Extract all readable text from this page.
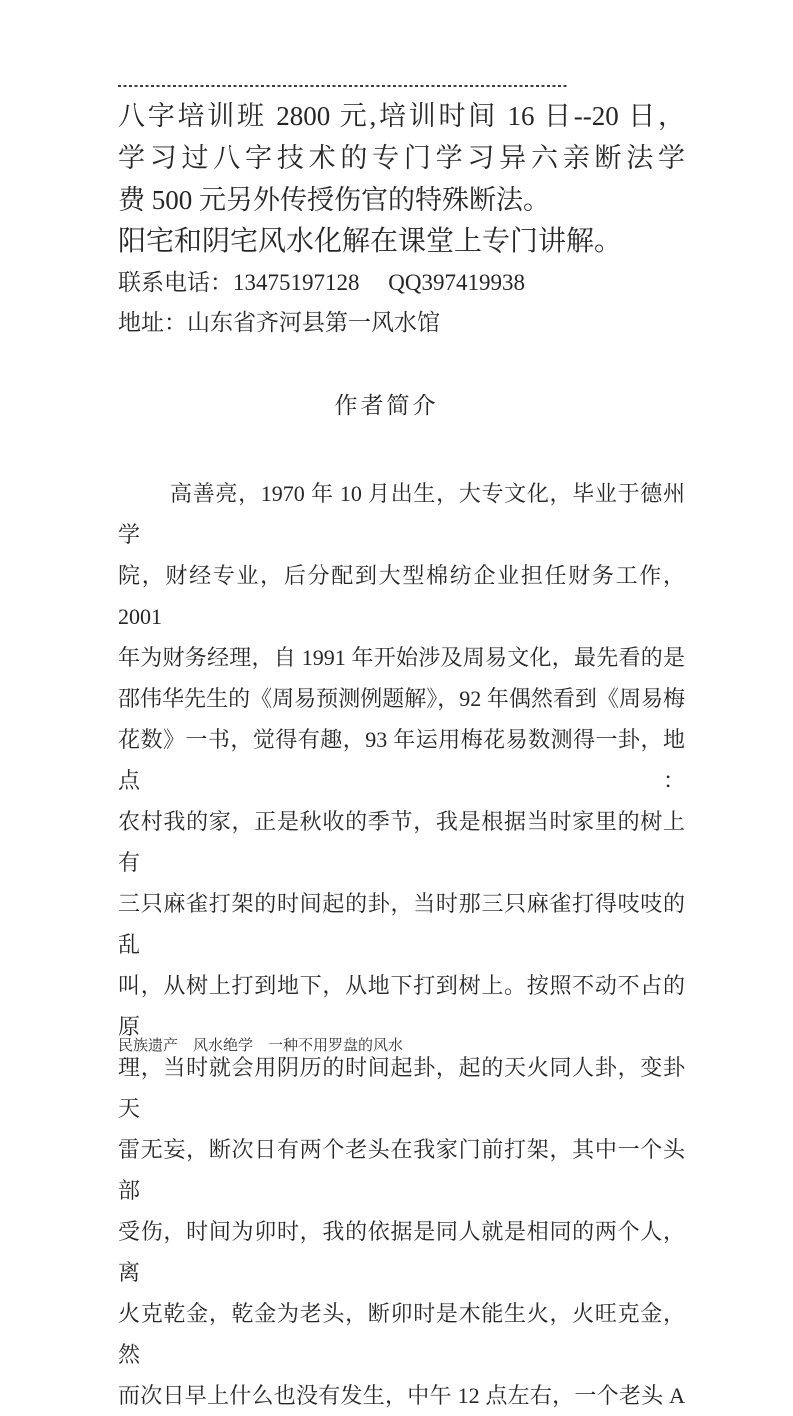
八字培训班 2800 元,培训时间 16 日--20 日，
学习过八字技术的专门学习异六亲断法学
费 500 元另外传授伤官的特殊断法。
阳宅和阴宅风水化解在课堂上专门讲解。
联系电话：13475197128　 QQ397419938
地址：山东省齐河县第一风水馆
作者简介
高善亮，1970 年 10 月出生，大专文化，毕业于德州学
院，财经专业，后分配到大型棉纺企业担任财务工作，2001
年为财务经理，自 1991 年开始涉及周易文化，最先看的是
邵伟华先生的《周易预测例题解》，92 年偶然看到《周易梅
花数》一书，觉得有趣，93 年运用梅花易数测得一卦，地点：
农村我的家，正是秋收的季节，我是根据当时家里的树上有
三只麻雀打架的时间起的卦，当时那三只麻雀打得吱吱的乱
叫，从树上打到地下，从地下打到树上。按照不动不占的原
理，当时就会用阴历的时间起卦，起的天火同人卦，变卦天
雷无妄，断次日有两个老头在我家门前打架，其中一个头部
受伤，时间为卯时，我的依据是同人就是相同的两个人，离
火克乾金，乾金为老头，断卯时是木能生火，火旺克金，然
而次日早上什么也没有发生，中午 12 点左右，一个老头 A
民族遗产　风水绝学　一种不用罗盘的风水
